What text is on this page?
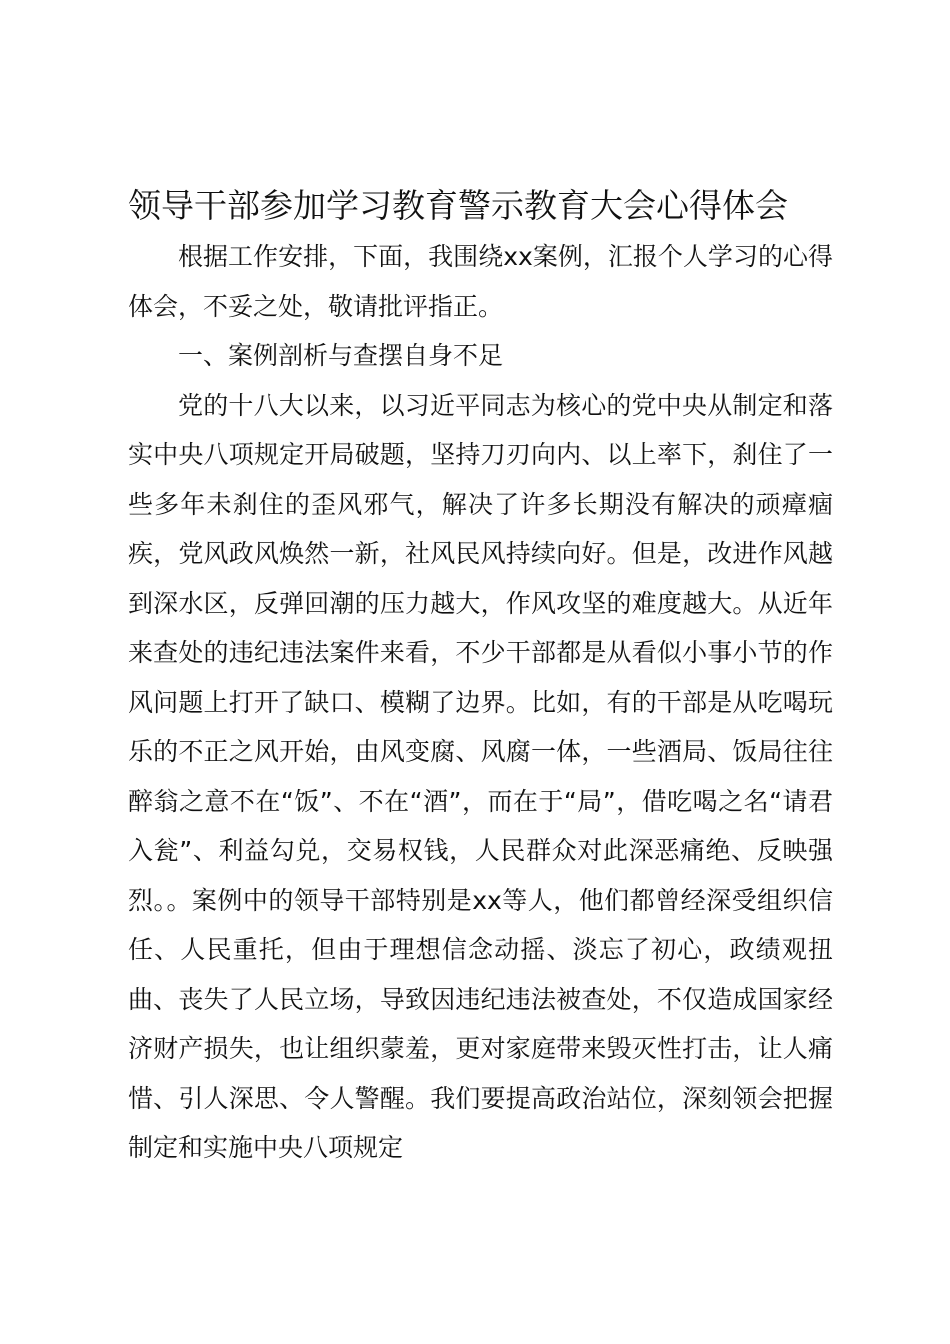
领导干部参加学习教育警示教育大会心得体会

根据工作安排，下面，我围绕xx案例，汇报个人学习的心得体会，不妥之处，敬请批评指正。

一、案例剖析与查摆自身不足

党的十八大以来，以习近平同志为核心的党中央从制定和落实中央八项规定开局破题，坚持刀刃向内、以上率下，刹住了一些多年未刹住的歪风邪气，解决了许多长期没有解决的顽瘴痼疾，党风政风焕然一新，社风民风持续向好。但是，改进作风越到深水区，反弹回潮的压力越大，作风攻坚的难度越大。从近年来查处的违纪违法案件来看，不少干部都是从看似小事小节的作风问题上打开了缺口、模糊了边界。比如，有的干部是从吃喝玩乐的不正之风开始，由风变腐、风腐一体，一些酒局、饭局往往醉翁之意不在“饭”、不在“酒”，而在于“局”，借吃喝之名“请君入瓮”、利益勾兑，交易权钱，人民群众对此深恶痛绝、反映强烈。。案例中的领导干部特别是xx等人，他们都曾经深受组织信任、人民重托，但由于理想信念动摇、淡忘了初心，政绩观扭曲、丧失了人民立场，导致因违纪违法被查处，不仅造成国家经济财产损失，也让组织蒙羞，更对家庭带来毁灭性打击，让人痛惜、引人深思、令人警醒。我们要提高政治站位，深刻领会把握制定和实施中央八项规定
